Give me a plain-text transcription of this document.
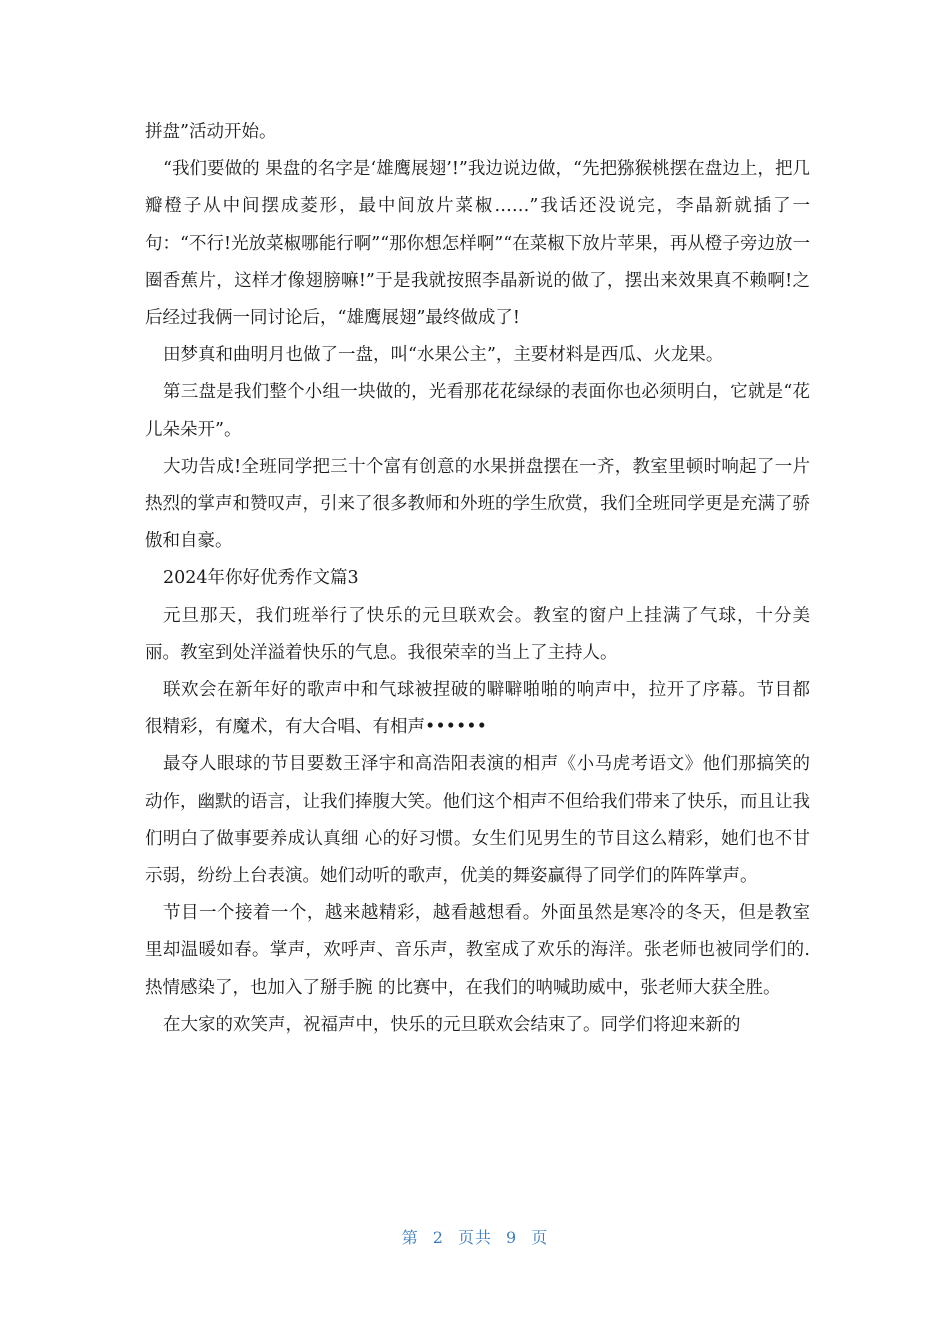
拼盘”活动开始。

“我们要做的 果盘的名字是‘雄鹰展翅’!”我边说边做，“先把猕猴桃摆在盘边上，把几瓣橙子从中间摆成菱形，最中间放片菜椒……”我话还没说完，李晶新就插了一句：“不行!光放菜椒哪能行啊”“那你想怎样啊”“在菜椒下放片苹果，再从橙子旁边放一圈香蕉片，这样才像翅膀嘛!”于是我就按照李晶新说的做了，摆出来效果真不赖啊!之后经过我俩一同讨论后，“雄鹰展翅”最终做成了!

田梦真和曲明月也做了一盘，叫“水果公主”，主要材料是西瓜、火龙果。

第三盘是我们整个小组一块做的，光看那花花绿绿的表面你也必须明白，它就是“花儿朵朵开”。

大功告成!全班同学把三十个富有创意的水果拼盘摆在一齐，教室里顿时响起了一片热烈的掌声和赞叹声，引来了很多教师和外班的学生欣赏，我们全班同学更是充满了骄傲和自豪。

2024年你好优秀作文篇3

元旦那天，我们班举行了快乐的元旦联欢会。教室的窗户上挂满了气球，十分美丽。教室到处洋溢着快乐的气息。我很荣幸的当上了主持人。

联欢会在新年好的歌声中和气球被捏破的噼噼啪啪的响声中，拉开了序幕。节目都很精彩，有魔术，有大合唱、有相声••••••

最夺人眼球的节目要数王泽宇和高浩阳表演的相声《小马虎考语文》他们那搞笑的动作，幽默的语言，让我们捧腹大笑。他们这个相声不但给我们带来了快乐，而且让我们明白了做事要养成认真细 心的好习惯。女生们见男生的节目这么精彩，她们也不甘示弱，纷纷上台表演。她们动听的歌声，优美的舞姿赢得了同学们的阵阵掌声。

节目一个接着一个，越来越精彩，越看越想看。外面虽然是寒冷的冬天，但是教室里却温暖如春。掌声，欢呼声、音乐声，教室成了欢乐的海洋。张老师也被同学们的.热情感染了，也加入了掰手腕 的比赛中，在我们的呐喊助威中，张老师大获全胜。

在大家的欢笑声，祝福声中，快乐的元旦联欢会结束了。同学们将迎来新的

第 2 页共 9 页
